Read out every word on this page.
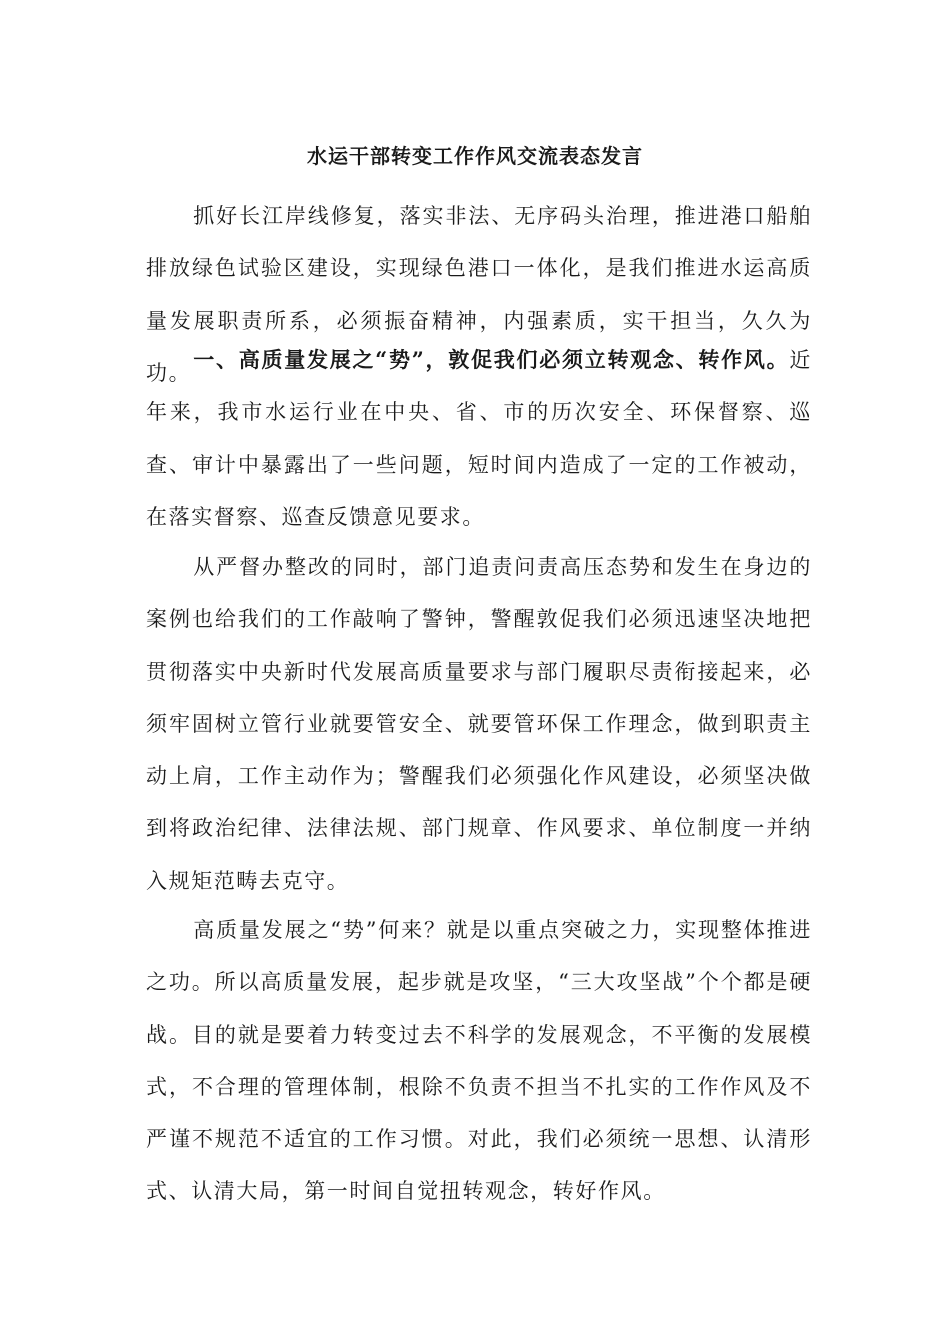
水运干部转变工作作风交流表态发言

抓好长江岸线修复，落实非法、无序码头治理，推进港口船舶排放绿色试验区建设，实现绿色港口一体化，是我们推进水运高质量发展职责所系，必须振奋精神，内强素质，实干担当，久久为功。

一、高质量发展之“势”，敦促我们必须立转观念、转作风。近年来，我市水运行业在中央、省、市的历次安全、环保督察、巡查、审计中暴露出了一些问题，短时间内造成了一定的工作被动，在落实督察、巡查反馈意见要求。

从严督办整改的同时，部门追责问责高压态势和发生在身边的案例也给我们的工作敲响了警钟，警醒敦促我们必须迅速坚决地把贯彻落实中央新时代发展高质量要求与部门履职尽责衔接起来，必须牢固树立管行业就要管安全、就要管环保工作理念，做到职责主动上肩，工作主动作为；警醒我们必须强化作风建设，必须坚决做到将政治纪律、法律法规、部门规章、作风要求、单位制度一并纳入规矩范畴去克守。

高质量发展之“势”何来？就是以重点突破之力，实现整体推进之功。所以高质量发展，起步就是攻坚，“三大攻坚战”个个都是硬战。目的就是要着力转变过去不科学的发展观念，不平衡的发展模式，不合理的管理体制，根除不负责不担当不扎实的工作作风及不严谨不规范不适宜的工作习惯。对此，我们必须统一思想、认清形式、认清大局，第一时间自觉扭转观念，转好作风。
